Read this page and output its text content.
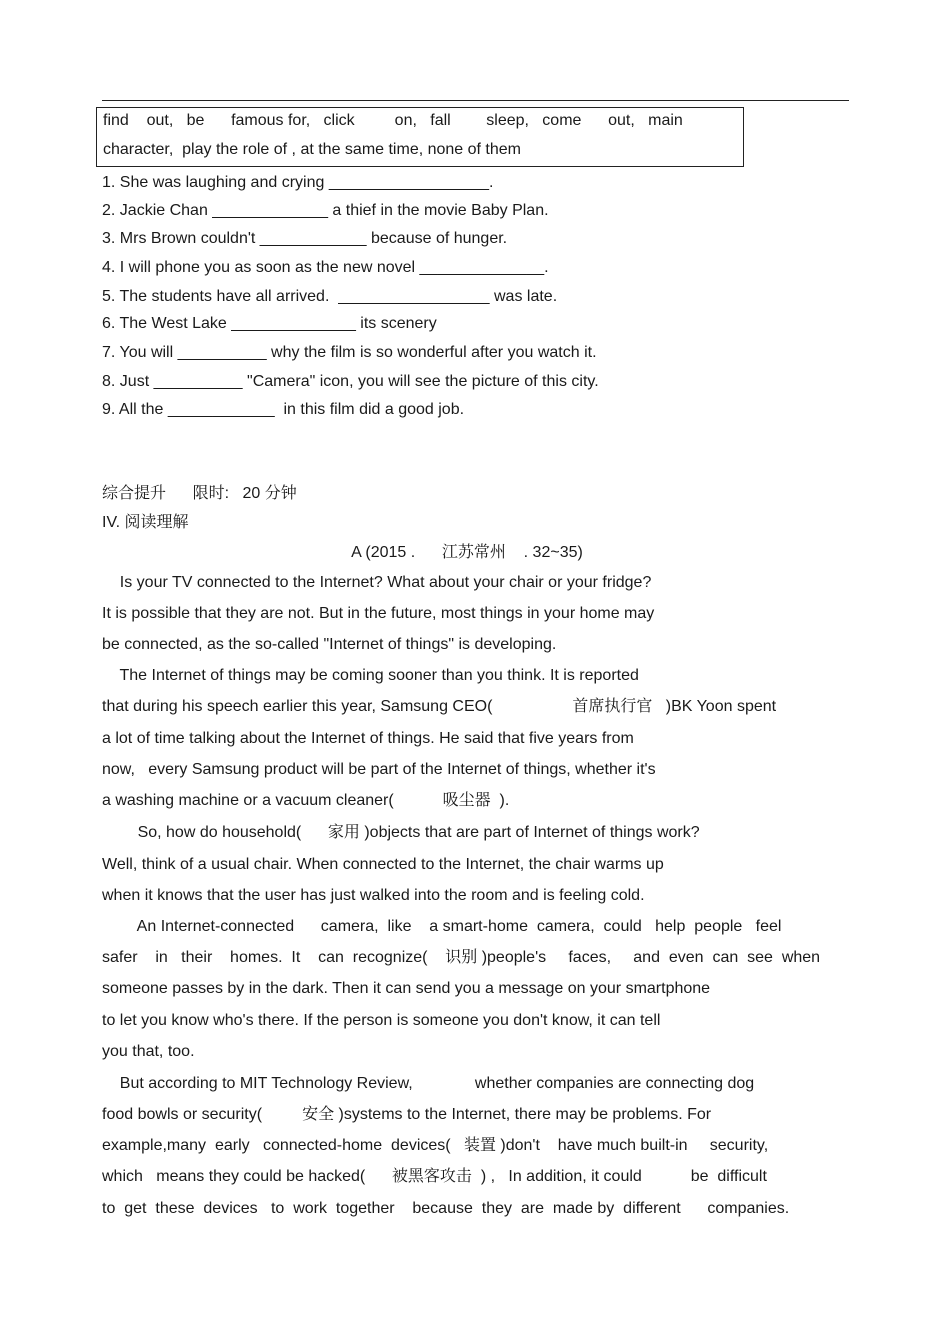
find    out,   be      famous for,   click         on,   fall        sleep,   come      out,   main
character,  play the role of , at the same time, none of them
1. She was laughing and crying __________________.
2. Jackie Chan _____________ a thief in the movie Baby Plan.
3. Mrs Brown couldn't ____________ because of hunger.
4. I will phone you as soon as the new novel ______________.
5. The students have all arrived.  _________________ was late.
6. The West Lake ______________ its scenery
7. You will __________ why the film is so wonderful after you watch it.
8. Just __________ "Camera" icon, you will see the picture of this city.
9. All the ____________  in this film did a good job.
综合提升      限时:   20 分钟
IV. 阅读理解
A (2015 .      江苏常州    . 32~35)
Is your TV connected to the Internet? What about your chair or your fridge?
It is possible that they are not. But in the future, most things in your home may
be connected, as the so-called "Internet of things" is developing.
The Internet of things may be coming sooner than you think. It is reported
that during his speech earlier this year, Samsung CEO(                  首席执行官   )BK Yoon spent
a lot of time talking about the Internet of things. He said that five years from
now,   every Samsung product will be part of the Internet of things, whether it's
a washing machine or a vacuum cleaner(           吸尘器  ).
So, how do household(      家用 )objects that are part of Internet of things work?
Well, think of a usual chair. When connected to the Internet, the chair warms up
when it knows that the user has just walked into the room and is feeling cold.
An Internet-connected      camera,  like    a smart-home  camera,  could   help  people   feel
safer    in   their    homes.  It    can  recognize(    识别 )people's     faces,     and  even  can  see  when
someone passes by in the dark. Then it can send you a message on your smartphone
to let you know who's there. If the person is someone you don't know, it can tell
you that, too.
But according to MIT Technology Review,              whether companies are connecting dog
food bowls or security(         安全 )systems to the Internet, there may be problems. For
example,many  early   connected-home  devices(   装置 )don't    have much built-in     security,
which   means they could be hacked(      被黑客攻击  ) ,   In addition, it could           be  difficult
to  get  these  devices   to  work  together    because  they  are  made by  different      companies.
